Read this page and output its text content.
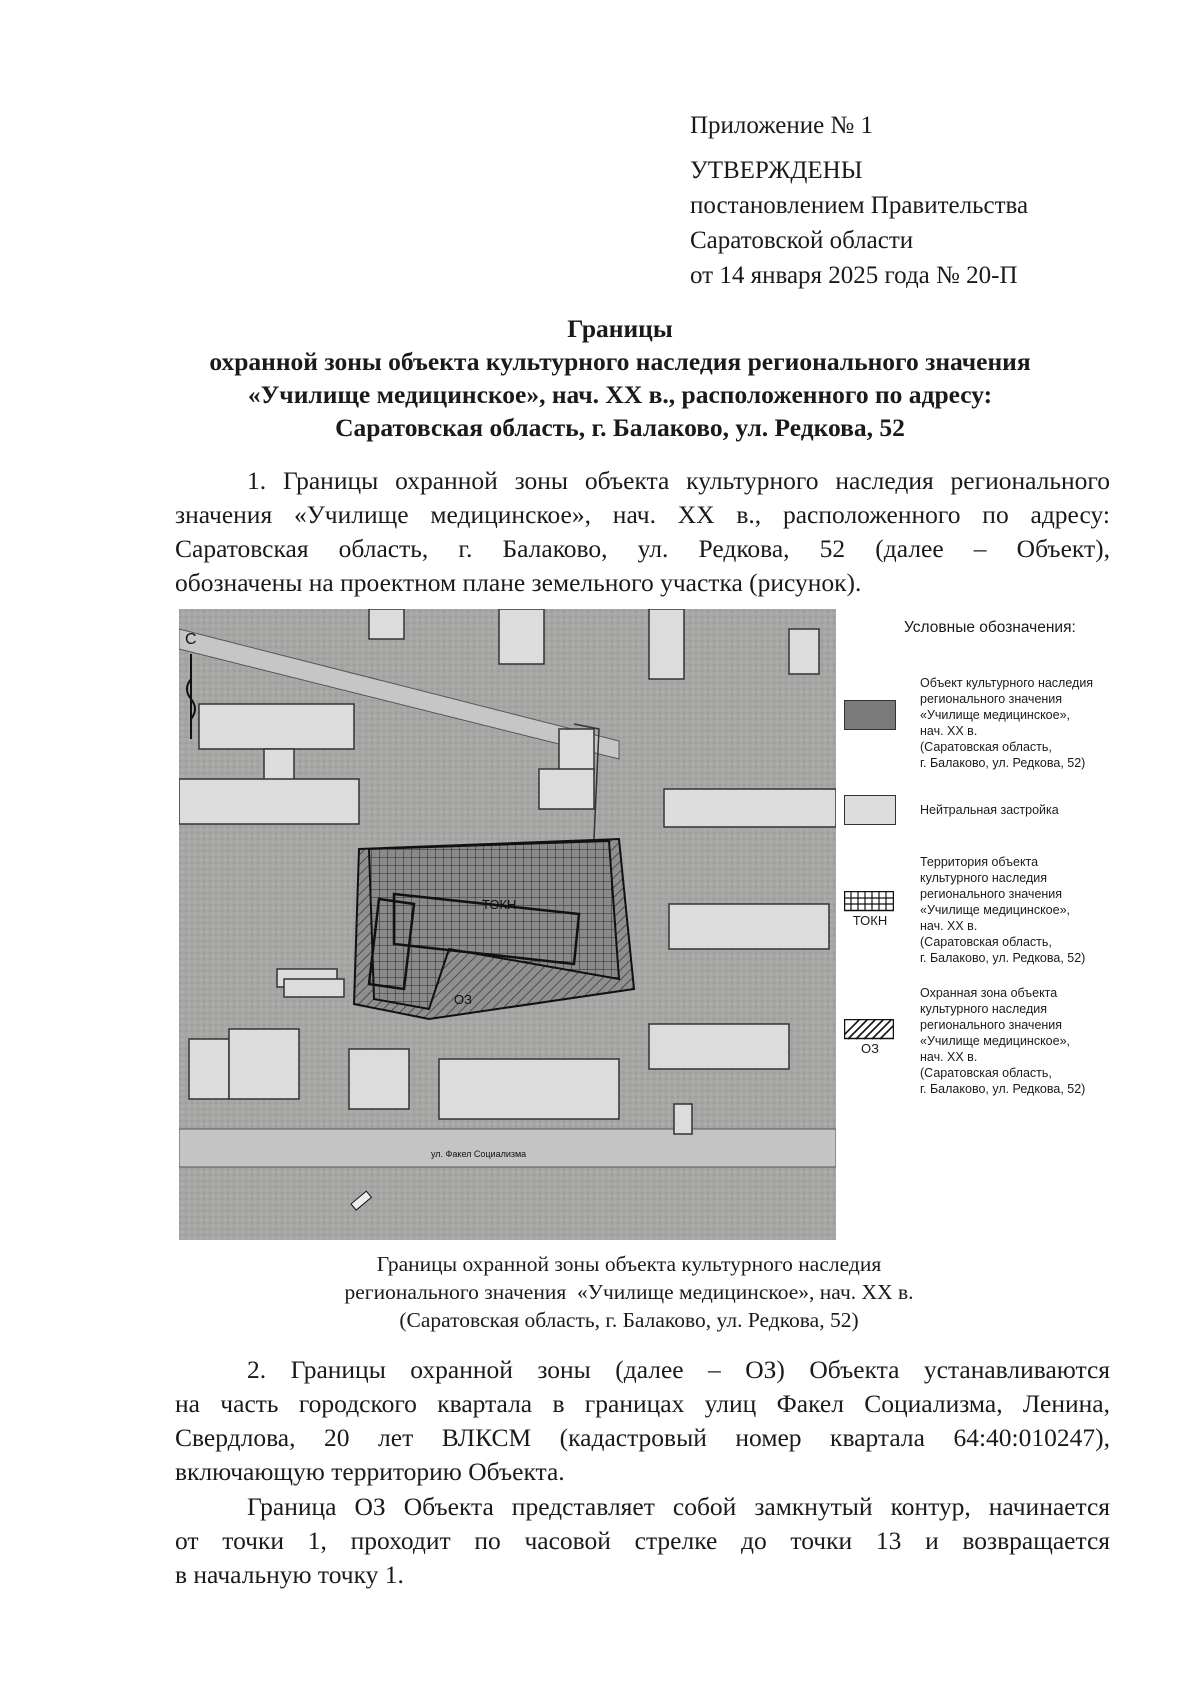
Приложение № 1
УТВЕРЖДЕНЫ
постановлением Правительства
Саратовской области
от 14 января 2025 года № 20-П
Границы
охранной зоны объекта культурного наследия регионального значения
«Училище медицинское», нач. XX в., расположенного по адресу:
Саратовская область, г. Балаково, ул. Редкова, 52
1. Границы охранной зоны объекта культурного наследия регионального
значения «Училище медицинское», нач. XX в., расположенного по адресу:
Саратовская область, г. Балаково, ул. Редкова, 52 (далее – Объект),
обозначены на проектном плане земельного участка (рисунок).
С
ТОКН
ОЗ
ул. Факел Социализма
Условные обозначения:
Объект культурного наследия
регионального значения
«Училище медицинское»,
нач. XX в.
(Саратовская область,
г. Балаково, ул. Редкова, 52)
Нейтральная застройка
ТОКН
Территория объекта
культурного наследия
регионального значения
«Училище медицинское»,
нач. XX в.
(Саратовская область,
г. Балаково, ул. Редкова, 52)
ОЗ
Охранная зона объекта
культурного наследия
регионального значения
«Училище медицинское»,
нач. XX в.
(Саратовская область,
г. Балаково, ул. Редкова, 52)
Границы охранной зоны объекта культурного наследия
регионального значения  «Училище медицинское», нач. XX в.
(Саратовская область, г. Балаково, ул. Редкова, 52)
2. Границы охранной зоны (далее – ОЗ) Объекта устанавливаются
на часть городского квартала в границах улиц Факел Социализма, Ленина,
Свердлова, 20 лет ВЛКСМ (кадастровый номер квартала 64:40:010247),
включающую территорию Объекта.
Граница ОЗ Объекта представляет собой замкнутый контур, начинается
от точки 1, проходит по часовой стрелке до точки 13 и возвращается
в начальную точку 1.
